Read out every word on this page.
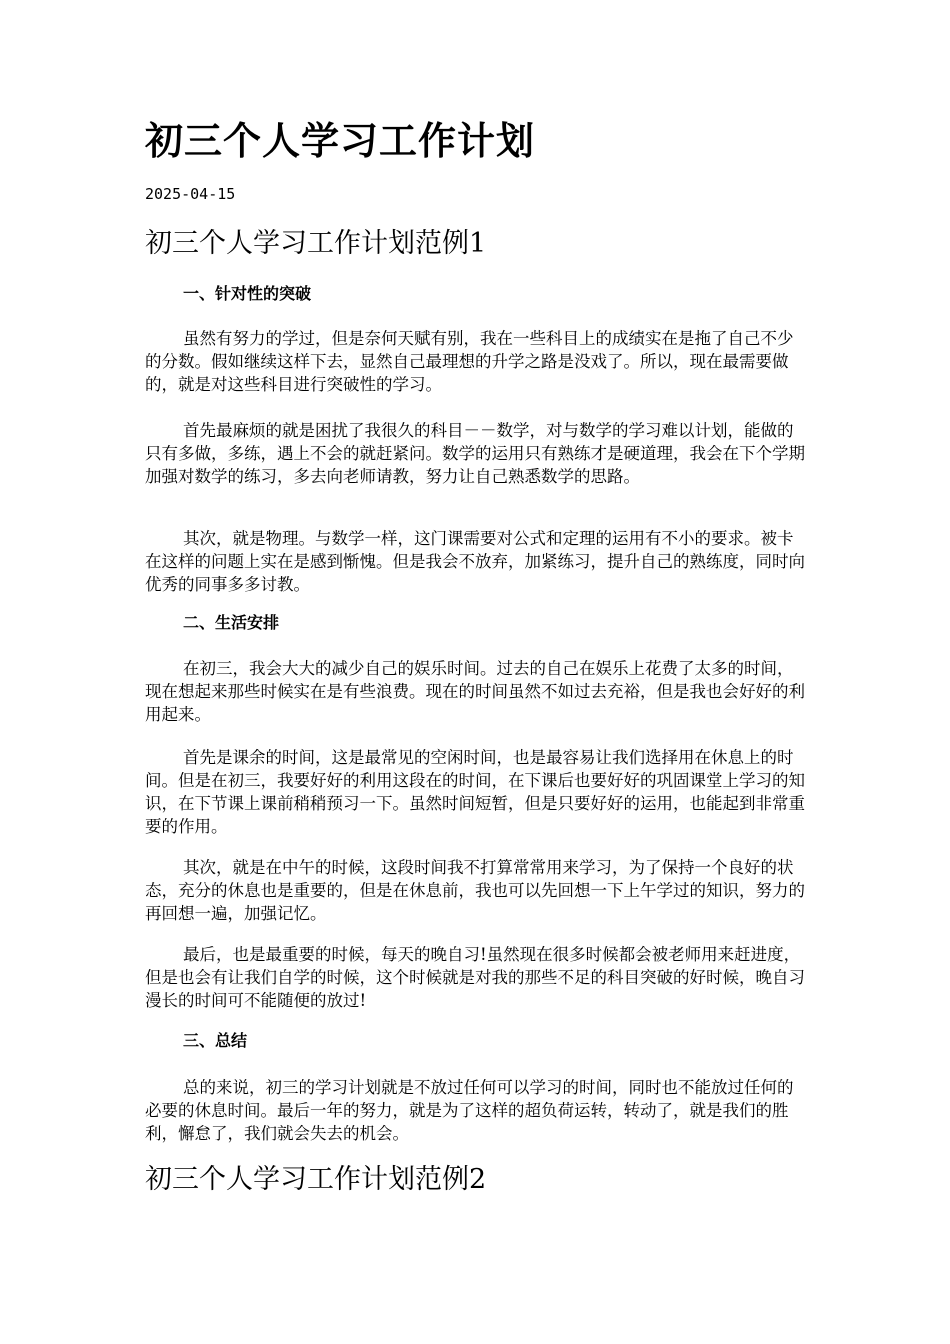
初三个人学习工作计划
2025-04-15
初三个人学习工作计划范例1
一、针对性的突破

虽然有努力的学过，但是奈何天赋有别，我在一些科目上的成绩实在是拖了自己不少的分数。假如继续这样下去，显然自己最理想的升学之路是没戏了。所以，现在最需要做的，就是对这些科目进行突破性的学习。

首先最麻烦的就是困扰了我很久的科目－－数学，对与数学的学习难以计划，能做的只有多做，多练，遇上不会的就赶紧问。数学的运用只有熟练才是硬道理，我会在下个学期加强对数学的练习，多去向老师请教，努力让自己熟悉数学的思路。

其次，就是物理。与数学一样，这门课需要对公式和定理的运用有不小的要求。被卡在这样的问题上实在是感到惭愧。但是我会不放弃，加紧练习，提升自己的熟练度，同时向优秀的同事多多讨教。

二、生活安排

在初三，我会大大的减少自己的娱乐时间。过去的自己在娱乐上花费了太多的时间，现在想起来那些时候实在是有些浪费。现在的时间虽然不如过去充裕，但是我也会好好的利用起来。

首先是课余的时间，这是最常见的空闲时间，也是最容易让我们选择用在休息上的时间。但是在初三，我要好好的利用这段在的时间，在下课后也要好好的巩固课堂上学习的知识，在下节课上课前稍稍预习一下。虽然时间短暂，但是只要好好的运用，也能起到非常重要的作用。

其次，就是在中午的时候，这段时间我不打算常常用来学习，为了保持一个良好的状态，充分的休息也是重要的，但是在休息前，我也可以先回想一下上午学过的知识，努力的再回想一遍，加强记忆。

最后，也是最重要的时候，每天的晚自习!虽然现在很多时候都会被老师用来赶进度，但是也会有让我们自学的时候，这个时候就是对我的那些不足的科目突破的好时候，晚自习漫长的时间可不能随便的放过!

三、总结

总的来说，初三的学习计划就是不放过任何可以学习的时间，同时也不能放过任何的必要的休息时间。最后一年的努力，就是为了这样的超负荷运转，转动了，就是我们的胜利，懈怠了，我们就会失去的机会。

初三个人学习工作计划范例2
